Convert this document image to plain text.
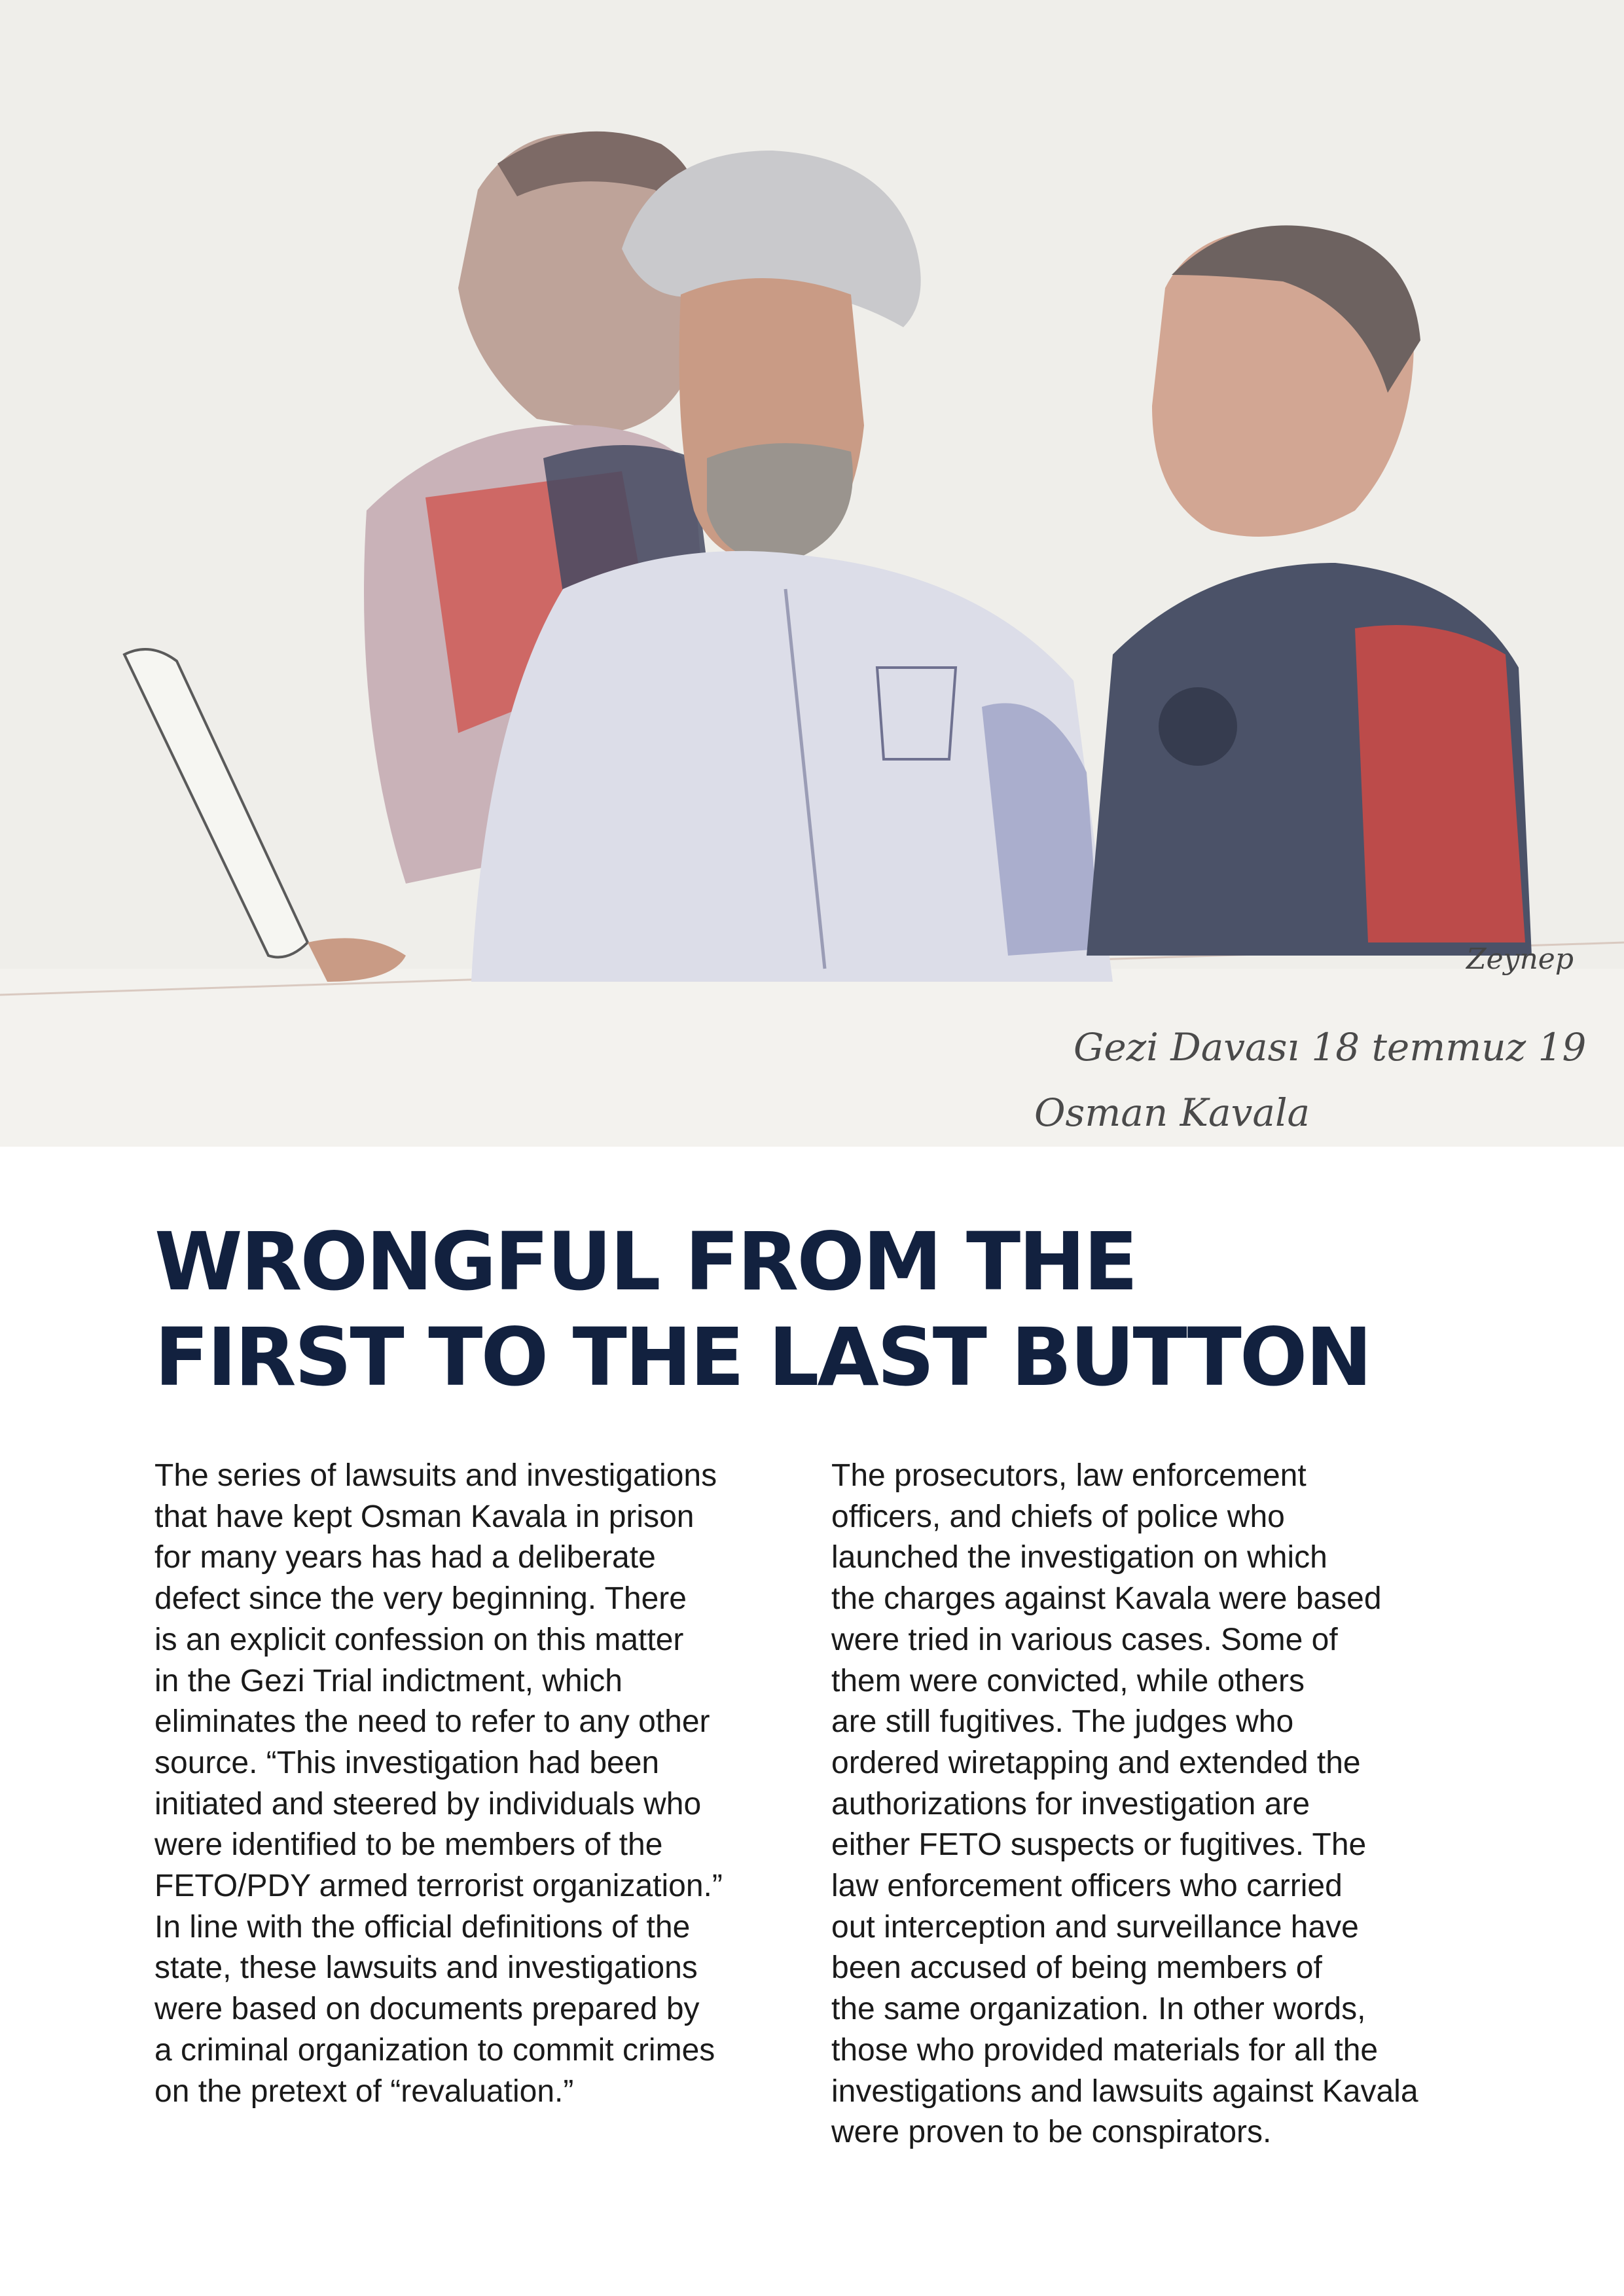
Zeynep
Gezi Davası 18 temmuz 19
Osman Kavala
WRONGFUL FROM THE
FIRST TO THE LAST BUTTON
The series of lawsuits and investigations
that have kept Osman Kavala in prison
for many years has had a deliberate
defect since the very beginning. There
is an explicit confession on this matter
in the Gezi Trial indictment, which
eliminates the need to refer to any other
source. “This investigation had been
initiated and steered by individuals who
were identified to be members of the
FETO/PDY armed terrorist organization.”
In line with the official definitions of the
state, these lawsuits and investigations
were based on documents prepared by
a criminal organization to commit crimes
on the pretext of “revaluation.”
The prosecutors, law enforcement
officers, and chiefs of police who
launched the investigation on which
the charges against Kavala were based
were tried in various cases. Some of
them were convicted, while others
are still fugitives. The judges who
ordered wiretapping and extended the
authorizations for investigation are
either FETO suspects or fugitives. The
law enforcement officers who carried
out interception and surveillance have
been accused of being members of
the same organization. In other words,
those who provided materials for all the
investigations and lawsuits against Kavala
were proven to be conspirators.
